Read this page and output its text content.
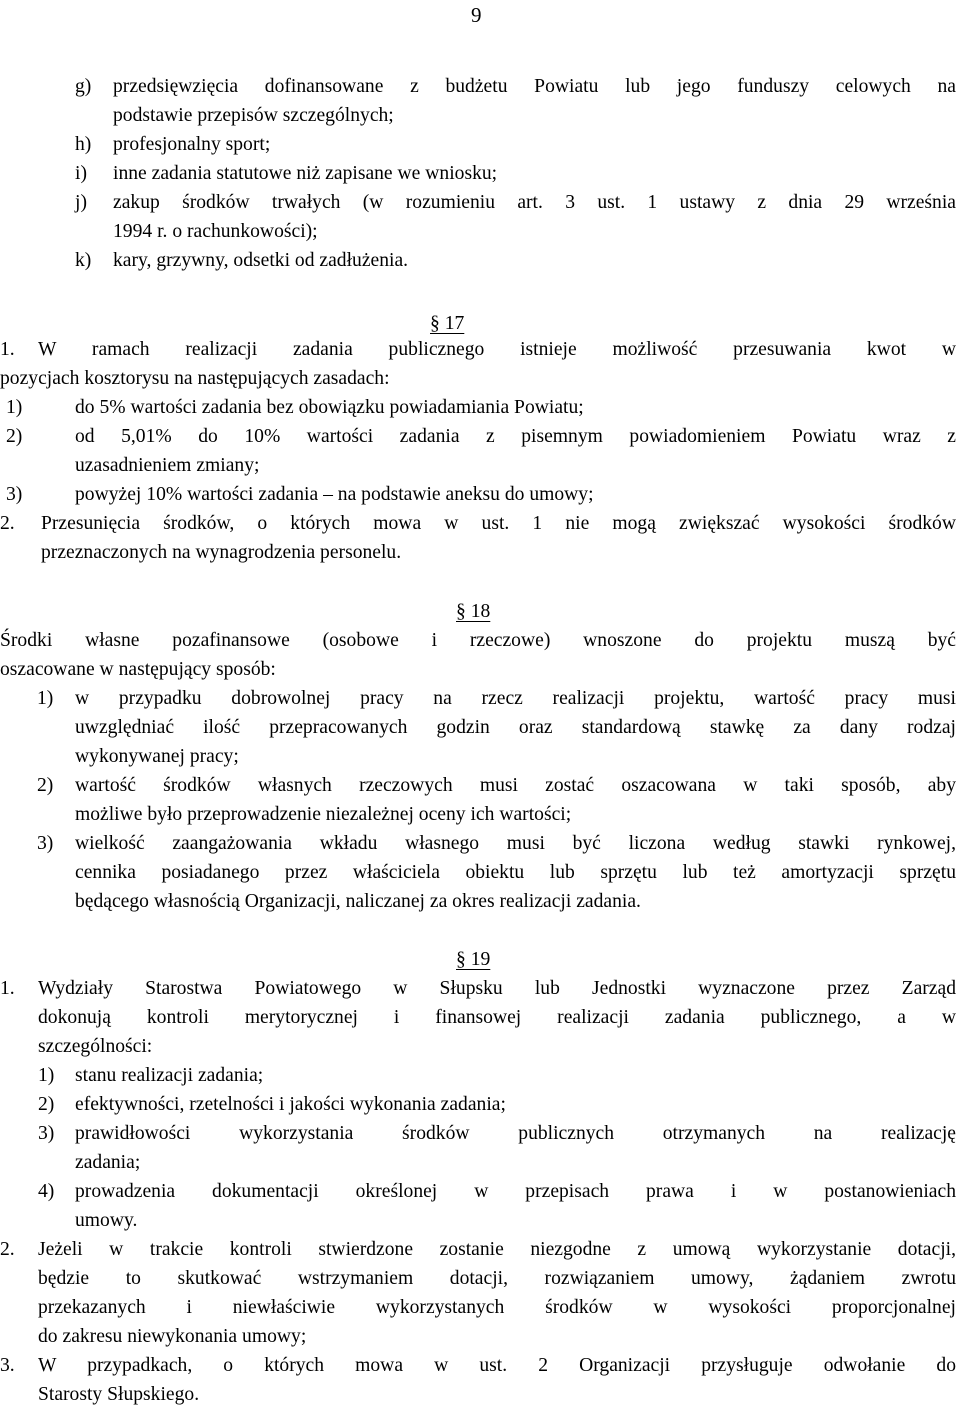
9
g) przedsięwzięcia dofinansowane z budżetu Powiatu lub jego funduszy celowych na
podstawie przepisów szczególnych;
h) profesjonalny sport;
i) inne zadania statutowe niż zapisane we wniosku;
j) zakup środków trwałych (w rozumieniu art. 3 ust. 1 ustawy z dnia 29 września
1994 r. o rachunkowości);
k) kary, grzywny, odsetki od zadłużenia.
§ 17
1. W ramach realizacji zadania publicznego istnieje możliwość przesuwania kwot w
pozycjach kosztorysu na następujących zasadach:
1)	do 5% wartości zadania bez obowiązku powiadamiania Powiatu;
2)	od 5,01% do 10% wartości zadania z pisemnym powiadomieniem Powiatu wraz z
uzasadnieniem zmiany;
3)	powyżej 10% wartości zadania – na podstawie aneksu do umowy;
2. Przesunięcia środków, o których mowa w ust. 1 nie mogą zwiększać wysokości środków
przeznaczonych na wynagrodzenia personelu.
§ 18
Środki własne pozafinansowe (osobowe i rzeczowe) wnoszone do projektu muszą być
oszacowane w następujący sposób:
1) w przypadku dobrowolnej pracy na rzecz realizacji projektu, wartość pracy musi
uwzględniać ilość przepracowanych godzin oraz standardową stawkę za dany rodzaj
wykonywanej pracy;
2) wartość środków własnych rzeczowych musi zostać oszacowana w taki sposób, aby
możliwe było przeprowadzenie niezależnej oceny ich wartości;
3) wielkość zaangażowania wkładu własnego musi być liczona według stawki rynkowej,
cennika posiadanego przez właściciela obiektu lub sprzętu lub też amortyzacji sprzętu
będącego własnością Organizacji, naliczanej za okres realizacji zadania.
§ 19
1. Wydziały Starostwa Powiatowego w Słupsku lub Jednostki wyznaczone przez Zarząd
dokonują kontroli merytorycznej i finansowej realizacji zadania publicznego, a w
szczególności:
1) stanu realizacji zadania;
2) efektywności, rzetelności i jakości wykonania zadania;
3) prawidłowości wykorzystania środków publicznych otrzymanych na realizację
zadania;
4) prowadzenia dokumentacji określonej w przepisach prawa i w postanowieniach
umowy.
2. Jeżeli w trakcie kontroli stwierdzone zostanie niezgodne z umową wykorzystanie dotacji,
będzie to skutkować wstrzymaniem dotacji, rozwiązaniem umowy, żądaniem zwrotu
przekazanych i niewłaściwie wykorzystanych środków w wysokości proporcjonalnej
do zakresu niewykonania umowy;
3. W przypadkach, o których mowa w ust. 2 Organizacji przysługuje odwołanie do
Starosty Słupskiego.
